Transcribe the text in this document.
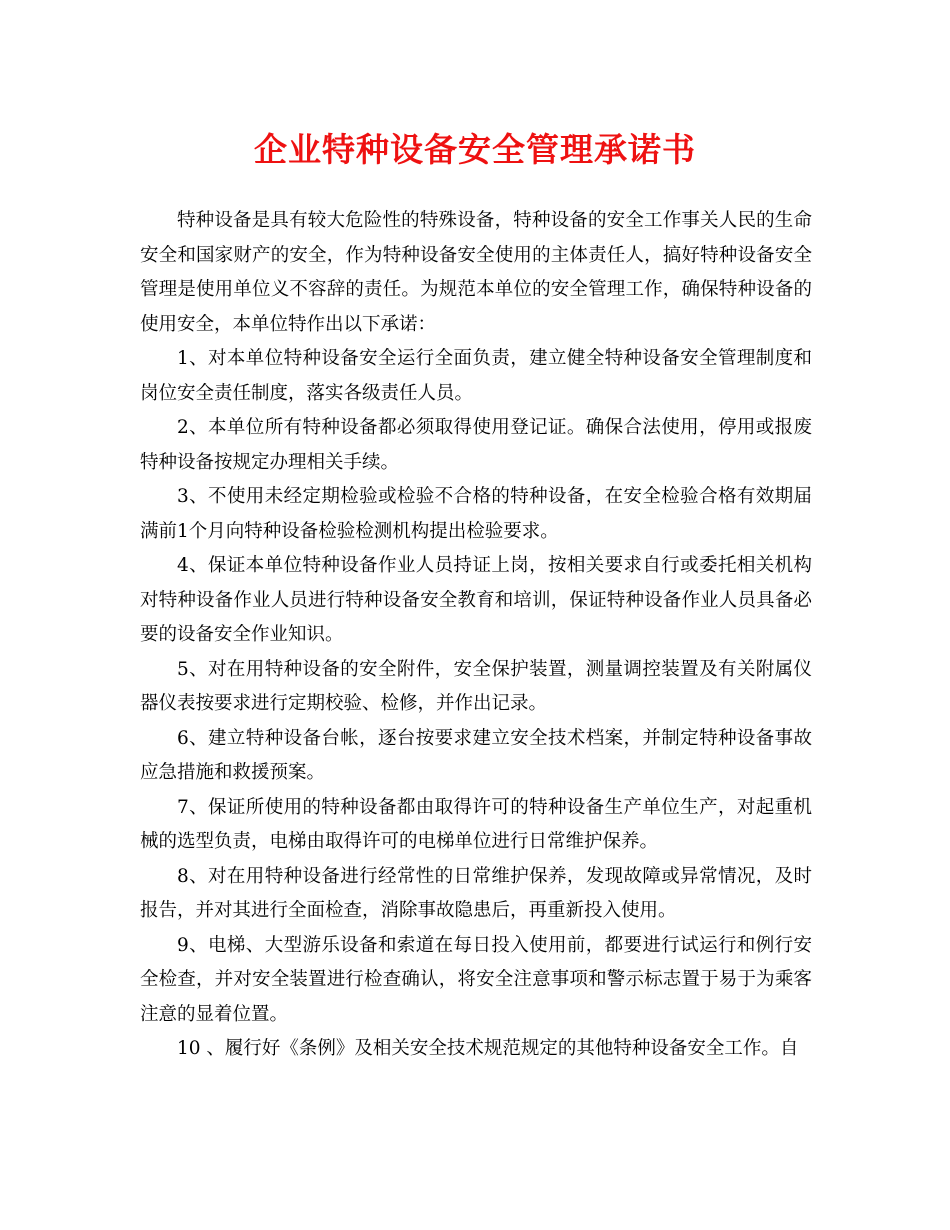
企业特种设备安全管理承诺书

特种设备是具有较大危险性的特殊设备，特种设备的安全工作事关人民的生命安全和国家财产的安全，作为特种设备安全使用的主体责任人，搞好特种设备安全管理是使用单位义不容辞的责任。为规范本单位的安全管理工作，确保特种设备的使用安全，本单位特作出以下承诺：

1、对本单位特种设备安全运行全面负责，建立健全特种设备安全管理制度和岗位安全责任制度，落实各级责任人员。

2、本单位所有特种设备都必须取得使用登记证。确保合法使用，停用或报废特种设备按规定办理相关手续。

3、不使用未经定期检验或检验不合格的特种设备，在安全检验合格有效期届满前1个月向特种设备检验检测机构提出检验要求。

4、保证本单位特种设备作业人员持证上岗，按相关要求自行或委托相关机构对特种设备作业人员进行特种设备安全教育和培训，保证特种设备作业人员具备必要的设备安全作业知识。

5、对在用特种设备的安全附件，安全保护装置，测量调控装置及有关附属仪器仪表按要求进行定期校验、检修，并作出记录。

6、建立特种设备台帐，逐台按要求建立安全技术档案，并制定特种设备事故应急措施和救援预案。

7、保证所使用的特种设备都由取得许可的特种设备生产单位生产，对起重机械的选型负责，电梯由取得许可的电梯单位进行日常维护保养。

8、对在用特种设备进行经常性的日常维护保养，发现故障或异常情况，及时报告，并对其进行全面检查，消除事故隐患后，再重新投入使用。

9、电梯、大型游乐设备和索道在每日投入使用前，都要进行试运行和例行安全检查，并对安全装置进行检查确认，将安全注意事项和警示标志置于易于为乘客注意的显着位置。

10 、履行好《条例》及相关安全技术规范规定的其他特种设备安全工作。自
